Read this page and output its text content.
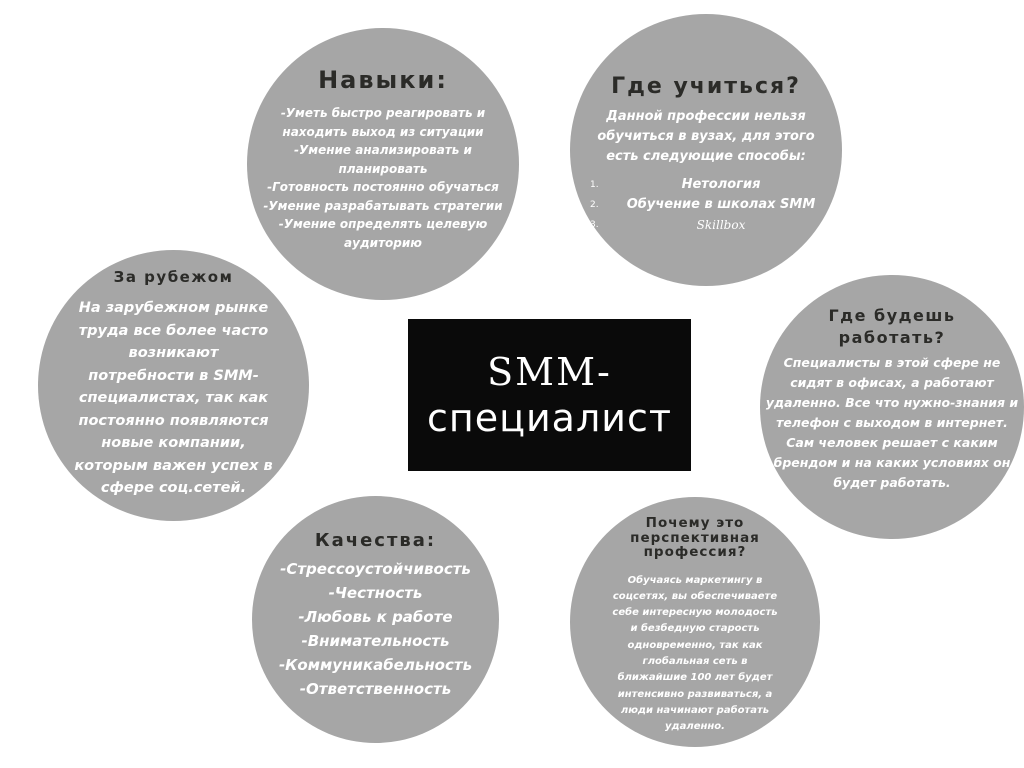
Навыки:

-Уметь быстро реагировать и
находить выход из ситуации
-Умение анализировать и
планировать
-Готовность постоянно обучаться
-Умение разрабатывать стратегии
-Умение определять целевую
аудиторию

Где учиться?

Данной профессии нельзя
обучиться в вузах, для этого
есть следующие способы:

1.	Нетология
2.	Обучение в школах SMM
3.	Skillbox
За рубежом

На зарубежном рынке
труда все более часто
возникают
потребности в SMM-
специалистах, так как
постоянно появляются
новые компании,
которым важен успех в
сфере соц.сетей.

Где будешь
работать?

Специалисты в этой сфере не
сидят в офисах, а работают
удаленно. Все что нужно-знания и
телефон с выходом в интернет.
Сам человек решает с каким
брендом и на каких условиях он
будет работать.

Качества:

-Стрессоустойчивость
-Честность
-Любовь к работе
-Внимательность
-Коммуникабельность
-Ответственность

Почему это
перспективная
профессия?

Обучаясь маркетингу в
соцсетях, вы обеспечиваете
себе интересную молодость
и безбедную старость
одновременно, так как
глобальная сеть в
ближайшие 100 лет будет
интенсивно развиваться, а
люди начинают работать
удаленно.

SMM-
специалист
